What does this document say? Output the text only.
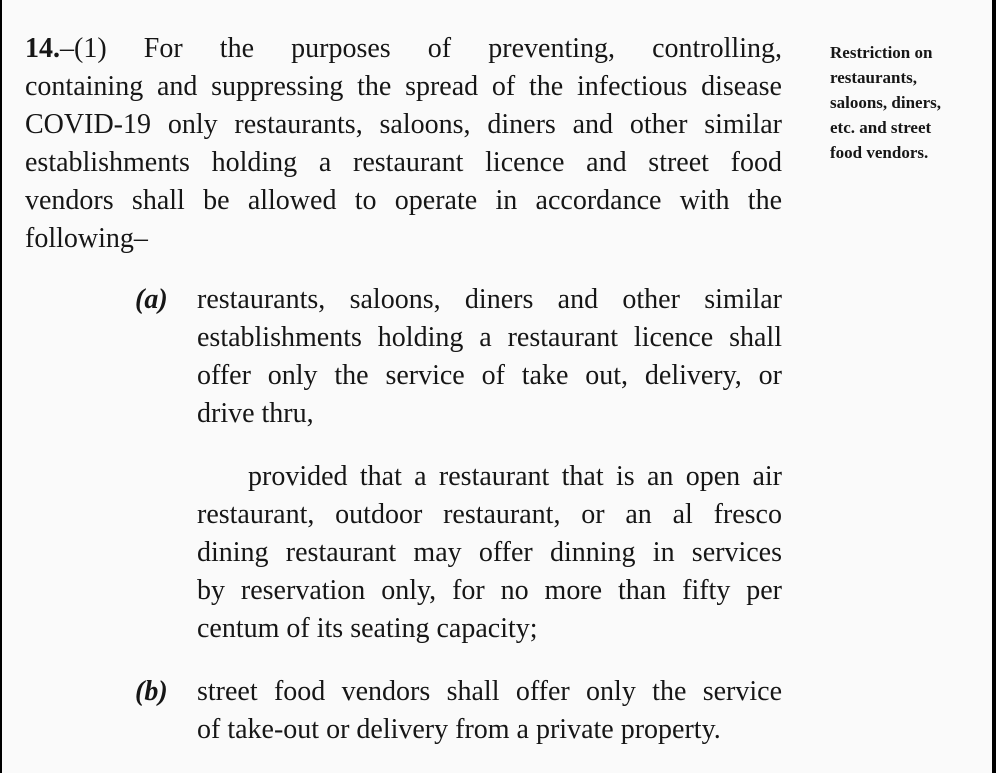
14.–(1) For the purposes of preventing, controlling,

containing and suppressing the spread of the infectious disease

COVID-19 only restaurants, saloons, diners and other similar

establishments holding a restaurant licence and street food

vendors shall be allowed to operate in accordance with the

following–

Restriction on
restaurants,
saloons, diners,
etc. and street
food vendors.
(a) restaurants, saloons, diners and other similar

establishments holding a restaurant licence shall

offer only the service of take out, delivery, or

drive thru,

provided that a restaurant that is an open air

restaurant, outdoor restaurant, or an al fresco

dining restaurant may offer dinning in services

by reservation only, for no more than fifty per

centum of its seating capacity;

(b) street food vendors shall offer only the service

of take-out or delivery from a private property.
